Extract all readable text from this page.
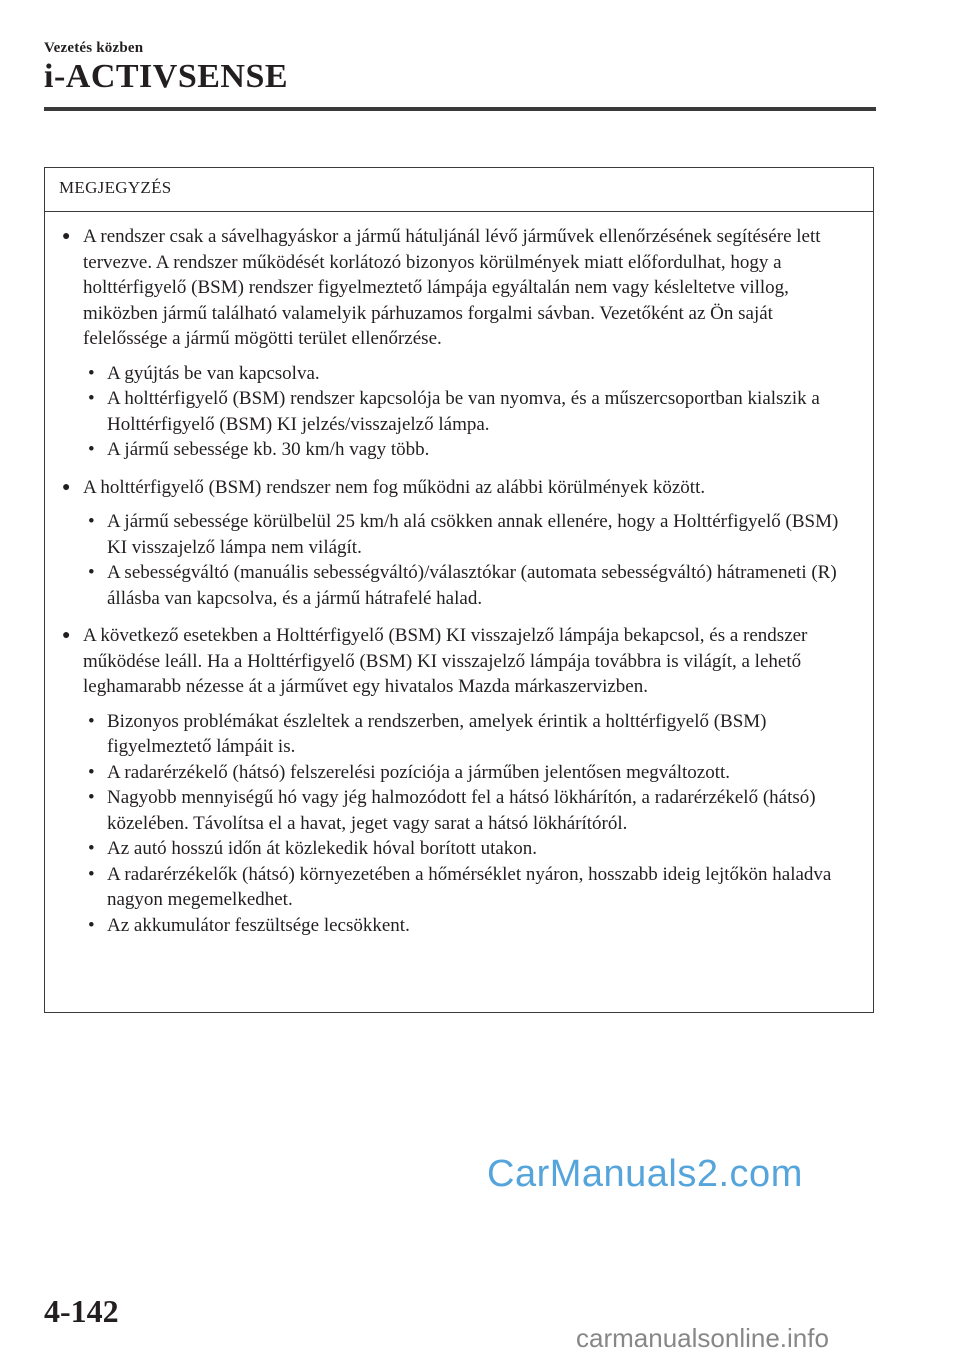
Vezetés közben
i-ACTIVSENSE
MEGJEGYZÉS
● A rendszer csak a sávelhagyáskor a jármű hátuljánál lévő járművek ellenőrzésének segítésére lett tervezve. A rendszer működését korlátozó bizonyos körülmények miatt előfordulhat, hogy a holttérfigyelő (BSM) rendszer figyelmeztető lámpája egyáltalán nem vagy késleltetve villog, miközben jármű található valamelyik párhuzamos forgalmi sávban. Vezetőként az Ön saját felelőssége a jármű mögötti terület ellenőrzése.
• A gyújtás be van kapcsolva.
• A holttérfigyelő (BSM) rendszer kapcsolója be van nyomva, és a műszercsoportban kialszik a Holttérfigyelő (BSM) KI jelzés/visszajelző lámpa.
• A jármű sebessége kb. 30 km/h vagy több.
● A holttérfigyelő (BSM) rendszer nem fog működni az alábbi körülmények között.
• A jármű sebessége körülbelül 25 km/h alá csökken annak ellenére, hogy a Holttérfigyelő (BSM) KI visszajelző lámpa nem világít.
• A sebességváltó (manuális sebességváltó)/választókar (automata sebességváltó) hátrameneti (R) állásba van kapcsolva, és a jármű hátrafelé halad.
● A következő esetekben a Holttérfigyelő (BSM) KI visszajelző lámpája bekapcsol, és a rendszer működése leáll. Ha a Holttérfigyelő (BSM) KI visszajelző lámpája továbbra is világít, a lehető leghamarabb nézesse át a járművet egy hivatalos Mazda márkaszervizben.
• Bizonyos problémákat észleltek a rendszerben, amelyek érintik a holttérfigyelő (BSM) figyelmeztető lámpáit is.
• A radarérzékelő (hátsó) felszerelési pozíciója a járműben jelentősen megváltozott.
• Nagyobb mennyiségű hó vagy jég halmozódott fel a hátsó lökhárítón, a radarérzékelő (hátsó) közelében. Távolítsa el a havat, jeget vagy sarat a hátsó lökhárítóról.
• Az autó hosszú időn át közlekedik hóval borított utakon.
• A radarérzékelők (hátsó) környezetében a hőmérséklet nyáron, hosszabb ideig lejtőkön haladva nagyon megemelkedhet.
• Az akkumulátor feszültsége lecsökkent.
CarManuals2.com
4-142
carmanualsonline.info
